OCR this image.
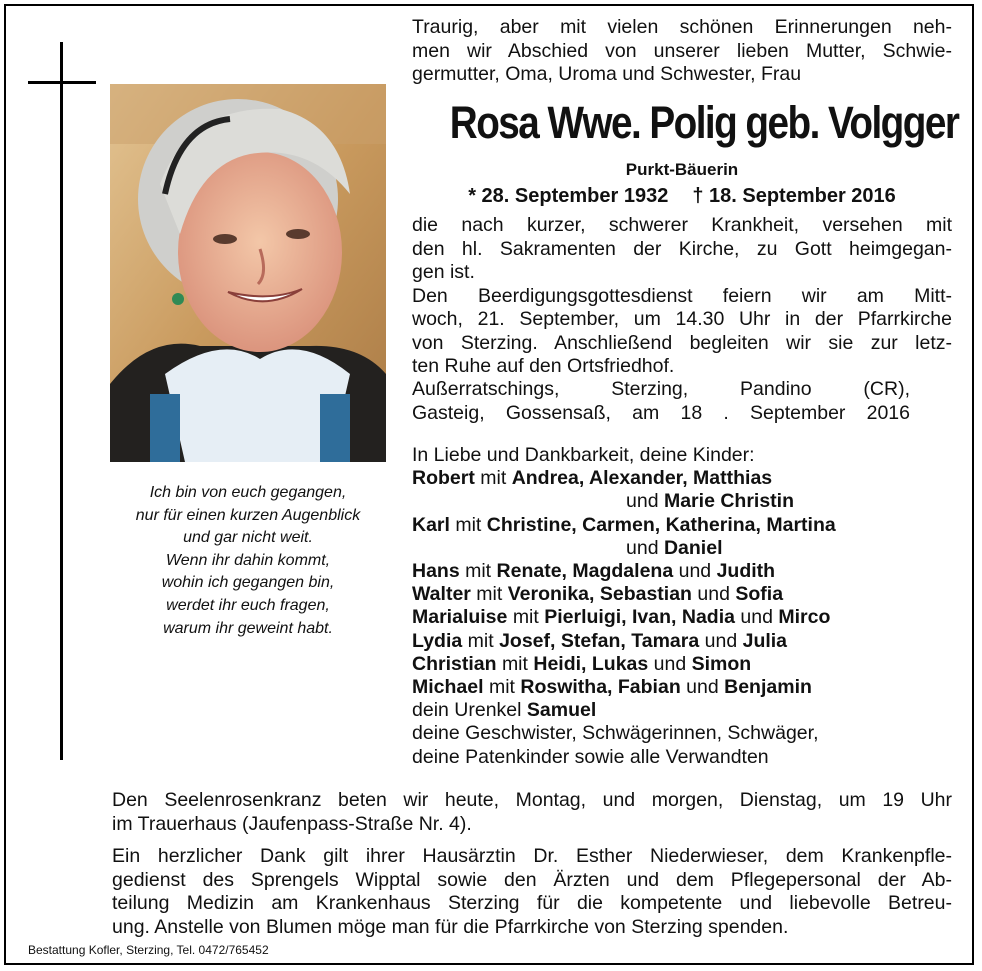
Ich bin von euch gegangen,
nur für einen kurzen Augenblick
und gar nicht weit.
Wenn ihr dahin kommt,
wohin ich gegangen bin,
werdet ihr euch fragen,
warum ihr geweint habt.
Traurig, aber mit vielen schönen Erinnerungen neh-
men wir Abschied von unserer lieben Mutter, Schwie-
germutter, Oma, Uroma und Schwester, Frau
Rosa Wwe. Polig geb. Volgger
Purkt-Bäuerin
* 28. September 1932 † 18. September 2016
die nach kurzer, schwerer Krankheit, versehen mit
den hl. Sakramenten der Kirche, zu Gott heimgegan-
gen ist.
Den Beerdigungsgottesdienst feiern wir am Mitt-
woch, 21. September, um 14.30 Uhr in der Pfarrkirche
von Sterzing. Anschließend begleiten wir sie zur letz-
ten Ruhe auf den Ortsfriedhof.
Außerratschings, Sterzing, Pandino (CR),
Gasteig, Gossensaß, am 18 . September 2016
In Liebe und Dankbarkeit, deine Kinder:
Robert mit Andrea, Alexander, Matthias
und Marie Christin
Karl mit Christine, Carmen, Katherina, Martina
und Daniel
Hans mit Renate, Magdalena und Judith
Walter mit Veronika, Sebastian und Sofia
Marialuise mit Pierluigi, Ivan, Nadia und Mirco
Lydia mit Josef, Stefan, Tamara und Julia
Christian mit Heidi, Lukas und Simon
Michael mit Roswitha, Fabian und Benjamin
dein Urenkel Samuel
deine Geschwister, Schwägerinnen, Schwäger,
deine Patenkinder sowie alle Verwandten
Den Seelenrosenkranz beten wir heute, Montag, und morgen, Dienstag, um 19 Uhr
im Trauerhaus (Jaufenpass-Straße Nr. 4).
Ein herzlicher Dank gilt ihrer Hausärztin Dr. Esther Niederwieser, dem Krankenpfle-
gedienst des Sprengels Wipptal sowie den Ärzten und dem Pflegepersonal der Ab-
teilung Medizin am Krankenhaus Sterzing für die kompetente und liebevolle Betreu-
ung. Anstelle von Blumen möge man für die Pfarrkirche von Sterzing spenden.
Bestattung Kofler, Sterzing, Tel. 0472/765452
